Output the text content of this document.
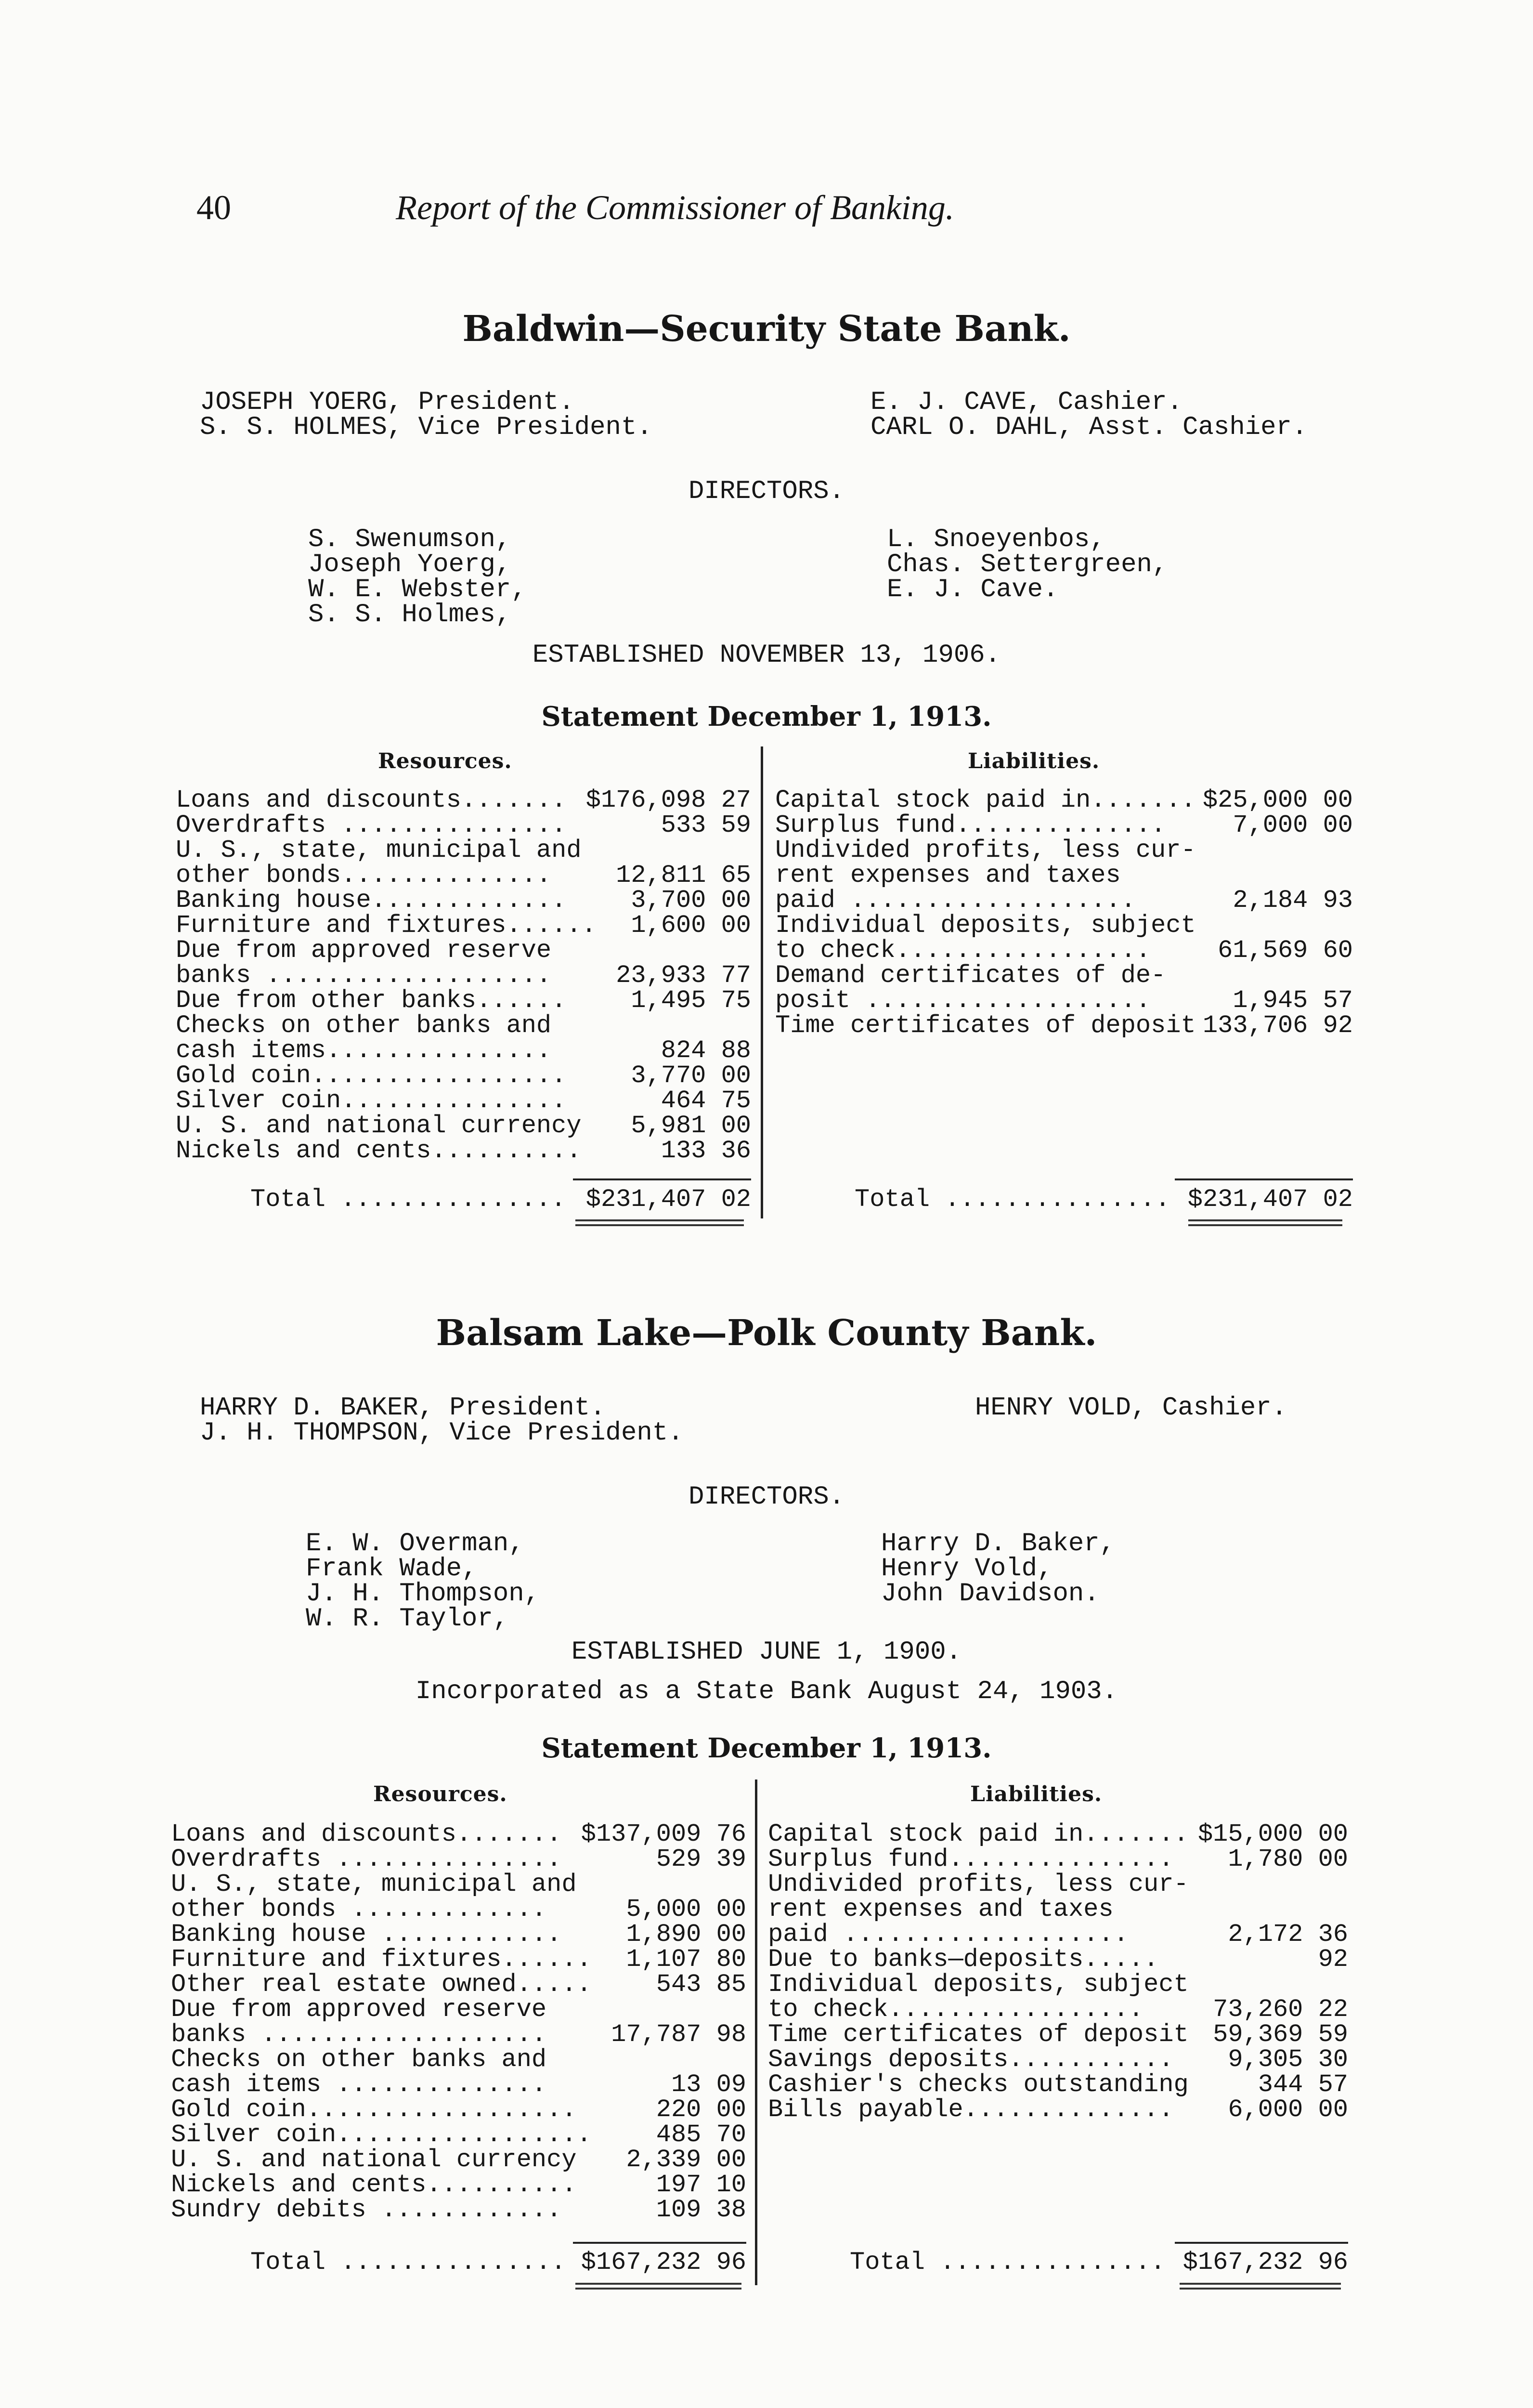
40	Report of the Commissioner of Banking.
Baldwin—Security State Bank.
JOSEPH YOERG, President.
S. S. HOLMES, Vice President.
E. J. CAVE, Cashier.
CARL O. DAHL, Asst. Cashier.
DIRECTORS.
S. Swenumson,
Joseph Yoerg,
W. E. Webster,
S. S. Holmes,
L. Snoeyenbos,
Chas. Settergreen,
E. J. Cave.
ESTABLISHED NOVEMBER 13, 1906.
Statement December 1, 1913.
Resources.	Liabilities.
Loans and discounts....... $176,098 27
Overdrafts ...............	533 59
U. S., state, municipal and
other bonds..............	12,811 65
Banking house.............	3,700 00
Furniture and fixtures...... 1,600 00
Due from approved reserve
banks ...................	23,933 77
Due from other banks......	1,495 75
Checks on other banks and
cash items...............	824 88
Gold coin.................	3,770 00
Silver coin...............	464 75
U. S. and national currency 5,981 00
Nickels and cents..........	133 36
Capital stock paid in....... $25,000 00
Surplus fund..............	7,000 00
Undivided profits, less cur-
rent expenses and taxes
paid ...................	2,184 93
Individual deposits, subject
to check.................	61,569 60
Demand certificates of de-
posit ...................	1,945 57
Time certificates of deposit 133,706 92
Total ............... $231,407 02	Total ............... $231,407 02
Balsam Lake—Polk County Bank.
HARRY D. BAKER, President.
J. H. THOMPSON, Vice President.
HENRY VOLD, Cashier.
DIRECTORS.
E. W. Overman,
Frank Wade,
J. H. Thompson,
W. R. Taylor,
Harry D. Baker,
Henry Vold,
John Davidson.
ESTABLISHED JUNE 1, 1900.
Incorporated as a State Bank August 24, 1903.
Statement December 1, 1913.
Resources.	Liabilities.
Loans and discounts....... $137,009 76
Overdrafts ...............	529 39
U. S., state, municipal and
other bonds .............	5,000 00
Banking house ............	1,890 00
Furniture and fixtures...... 1,107 80
Other real estate owned.....	543 85
Due from approved reserve
banks ...................	17,787 98
Checks on other banks and
cash items ..............	13 09
Gold coin..................	220 00
Silver coin.................	485 70
U. S. and national currency 2,339 00
Nickels and cents..........	197 10
Sundry debits ............	109 38
Capital stock paid in....... $15,000 00
Surplus fund............... 1,780 00
Undivided profits, less cur-
rent expenses and taxes
paid ...................	2,172 36
Due to banks—deposits.....	92
Individual deposits, subject
to check.................	73,260 22
Time certificates of deposit 59,369 59
Savings deposits........... 9,305 30
Cashier's checks outstanding	344 57
Bills payable.............. 6,000 00
Total ............... $167,232 96	Total ............... $167,232 96
